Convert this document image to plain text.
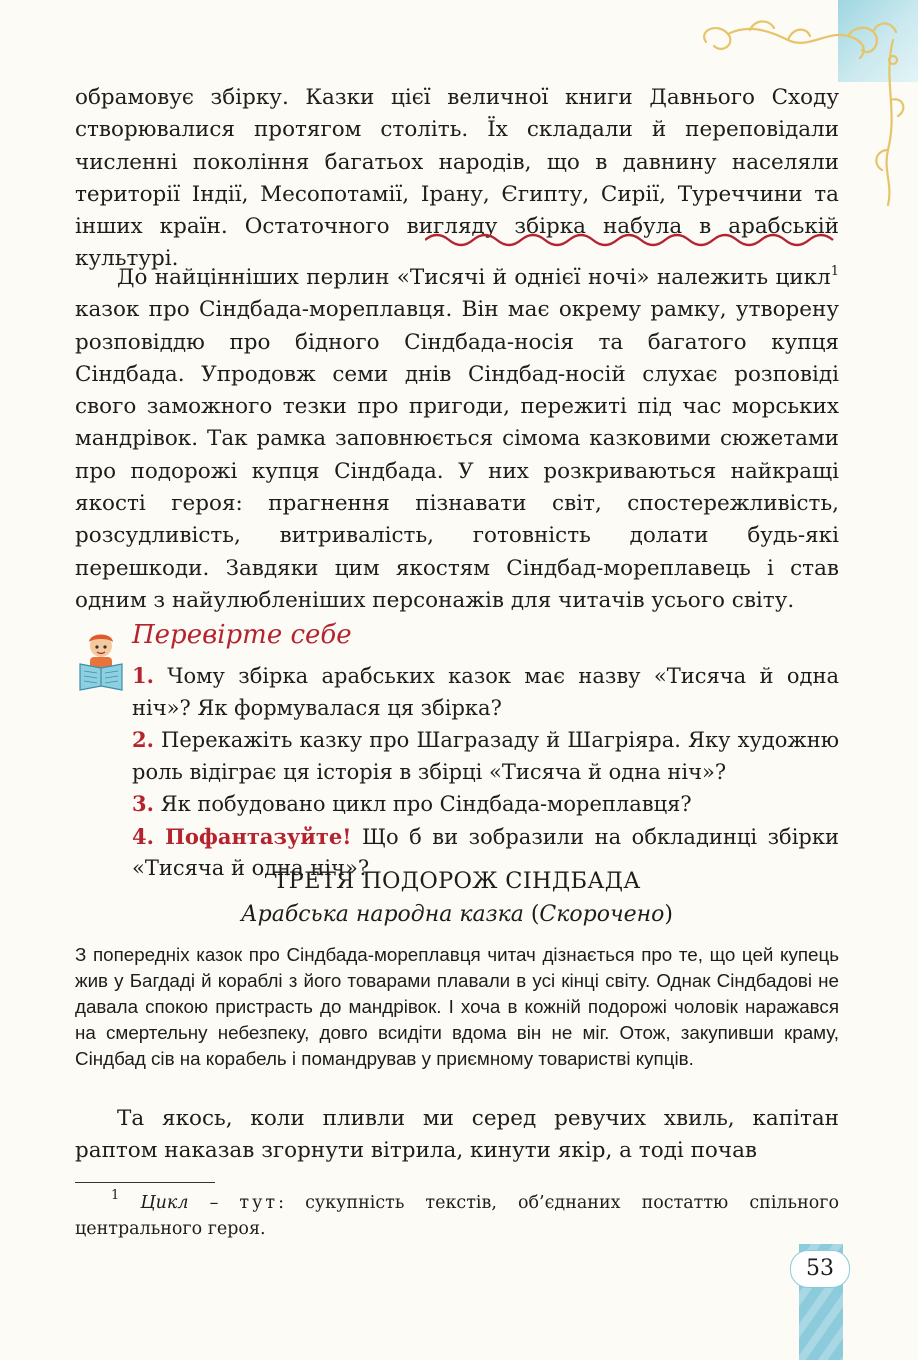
обрамовує збірку. Казки цієї величної книги Давнього Сходу створювалися протягом століть. Їх складали й переповідали численні покоління багатьох народів, що в давнину населяли території Індії, Месопотамії, Ірану, Єгипту, Сирії, Туреччини та інших країн. Остаточного вигляду збірка набула в арабській культурі.

До найцінніших перлин «Тисячі й однієї ночі» належить цикл$^1$ казок про Сіндбада-мореплавця. Він має окрему рамку, утворену розповіддю про бідного Сіндбада-носія та багатого купця Сіндбада. Упродовж семи днів Сіндбад-носій слухає розповіді свого заможного тезки про пригоди, пережиті під час морських мандрівок. Так рамка заповнюється сімома казковими сюжетами про подорожі купця Сіндбада. У них розкриваються найкращі якості героя: прагнення пізнавати світ, спостережливість, розсудливість, витривалість, готовність долати будь-які перешкоди. Завдяки цим якостям Сіндбад-мореплавець і став одним з найулюбленіших персонажів для читачів усього світу.

Перевірте себе

1. Чому збірка арабських казок має назву «Тисяча й одна ніч»? Як формувалася ця збірка?
2. Перекажіть казку про Шагразаду й Шагріяра. Яку художню роль відіграє ця історія в збірці «Тисяча й одна ніч»?
3. Як побудовано цикл про Сіндбада-мореплавця?
4. Пофантазуйте! Що б ви зобразили на обкладинці збірки «Тисяча й одна ніч»?

ТРЕТЯ ПОДОРОЖ СІНДБАДА

Арабська народна казка (Скорочено)

З попередніх казок про Сіндбада-мореплавця читач дізнається про те, що цей купець жив у Багдаді й кораблі з його товарами плавали в усі кінці світу. Однак Сіндбадові не давала спокою пристрасть до мандрівок. І хоча в кожній подорожі чоловік наражався на смертельну небезпеку, довго всидіти вдома він не міг. Отож, закупивши краму, Сіндбад сів на корабель і помандрував у приємному товаристві купців.

Та якось, коли пливли ми серед ревучих хвиль, капітан раптом наказав згорнути вітрила, кинути якір, а тоді почав

$^1$ Цикл – тут: сукупність текстів, об’єднаних постаттю спільного центрального героя.

53
